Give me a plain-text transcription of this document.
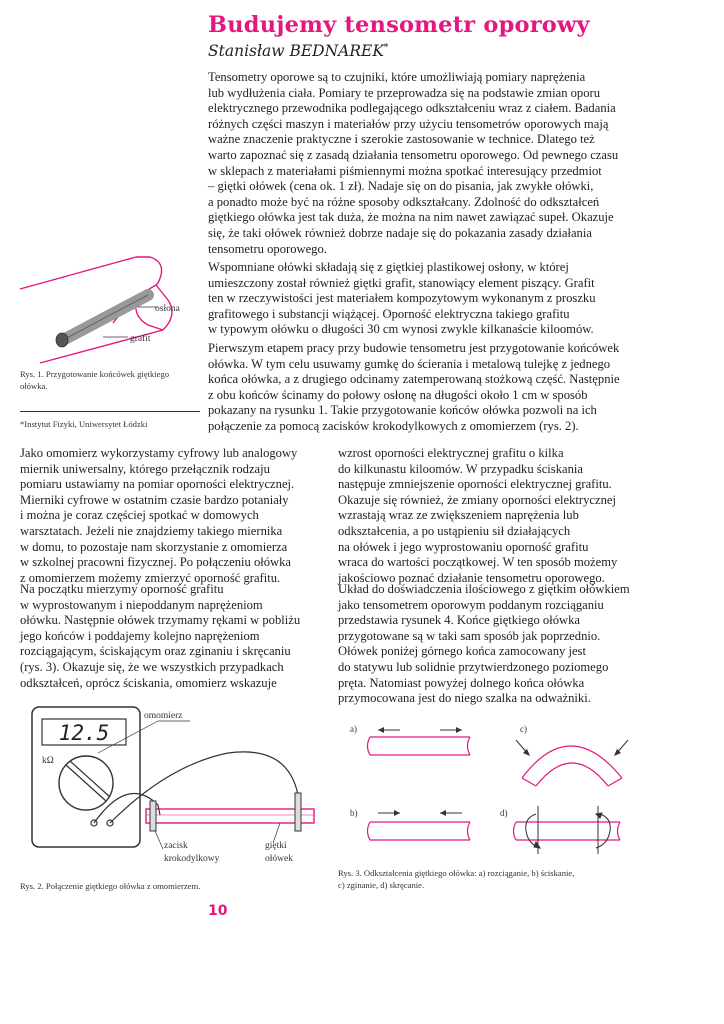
Budujemy tensometr oporowy
Stanisław BEDNAREK*
Tensometry oporowe są to czujniki, które umożliwiają pomiary naprężenia
lub wydłużenia ciała. Pomiary te przeprowadza się na podstawie zmian oporu
elektrycznego przewodnika podlegającego odkształceniu wraz z ciałem. Badania
różnych części maszyn i materiałów przy użyciu tensometrów oporowych mają
ważne znaczenie praktyczne i szerokie zastosowanie w technice. Dlatego też
warto zapoznać się z zasadą działania tensometru oporowego. Od pewnego czasu
w sklepach z materiałami piśmiennymi można spotkać interesujący przedmiot
– giętki ołówek (cena ok. 1 zł). Nadaje się on do pisania, jak zwykłe ołówki,
a ponadto może być na różne sposoby odkształcany. Zdolność do odkształceń
giętkiego ołówka jest tak duża, że można na nim nawet zawiązać supeł. Okazuje
się, że taki ołówek również dobrze nadaje się do pokazania zasady działania
tensometru oporowego.
Wspomniane ołówki składają się z giętkiej plastikowej osłony, w której
umieszczony został również giętki grafit, stanowiący element piszący. Grafit
ten w rzeczywistości jest materiałem kompozytowym wykonanym z proszku
grafitowego i substancji wiążącej. Oporność elektryczna takiego grafitu
w typowym ołówku o długości 30 cm wynosi zwykle kilkanaście kiloomów.
Pierwszym etapem pracy przy budowie tensometru jest przygotowanie końcówek
ołówka. W tym celu usuwamy gumkę do ścierania i metalową tulejkę z jednego
końca ołówka, a z drugiego odcinamy zatemperowaną stożkową część. Następnie
z obu końców ścinamy do połowy osłonę na długości około 1 cm w sposób
pokazany na rysunku 1. Takie przygotowanie końców ołówka pozwoli na ich
połączenie za pomocą zacisków krokodylkowych z omomierzem (rys. 2).
osłona
grafit
Rys. 1. Przygotowanie końcówek giętkiego
ołówka.
*Instytut Fizyki, Uniwersytet Łódzki
Jako omomierz wykorzystamy cyfrowy lub analogowy
miernik uniwersalny, którego przełącznik rodzaju
pomiaru ustawiamy na pomiar oporności elektrycznej.
Mierniki cyfrowe w ostatnim czasie bardzo potaniały
i można je coraz częściej spotkać w domowych
warsztatach. Jeżeli nie znajdziemy takiego miernika
w domu, to pozostaje nam skorzystanie z omomierza
w szkolnej pracowni fizycznej. Po połączeniu ołówka
z omomierzem możemy zmierzyć oporność grafitu.
Na początku mierzymy oporność grafitu
w wyprostowanym i niepoddanym naprężeniom
ołówku. Następnie ołówek trzymamy rękami w pobliżu
jego końców i poddajemy kolejno naprężeniom
rozciągającym, ściskającym oraz zginaniu i skręcaniu
(rys. 3). Okazuje się, że we wszystkich przypadkach
odkształceń, oprócz ściskania, omomierz wskazuje
wzrost oporności elektrycznej grafitu o kilka
do kilkunastu kiloomów. W przypadku ściskania
następuje zmniejszenie oporności elektrycznej grafitu.
Okazuje się również, że zmiany oporności elektrycznej
wzrastają wraz ze zwiększeniem naprężenia lub
odkształcenia, a po ustąpieniu sił działających
na ołówek i jego wyprostowaniu oporność grafitu
wraca do wartości początkowej. W ten sposób możemy
jakościowo poznać działanie tensometru oporowego.
Układ do doświadczenia ilościowego z giętkim ołówkiem
jako tensometrem oporowym poddanym rozciąganiu
przedstawia rysunek 4. Końce giętkiego ołówka
przygotowane są w taki sam sposób jak poprzednio.
Ołówek poniżej górnego końca zamocowany jest
do statywu lub solidnie przytwierdzonego poziomego
pręta. Natomiast powyżej dolnego końca ołówka
przymocowana jest do niego szalka na odważniki.
12.5
omomierz
kΩ
zacisk
krokodylkowy
giętki
ołówek
Rys. 2. Połączenie giętkiego ołówka z omomierzem.
a)	c)
b)	d)
Rys. 3. Odkształcenia giętkiego ołówka: a) rozciąganie, b) ściskanie,
c) zginanie, d) skręcanie.
10
